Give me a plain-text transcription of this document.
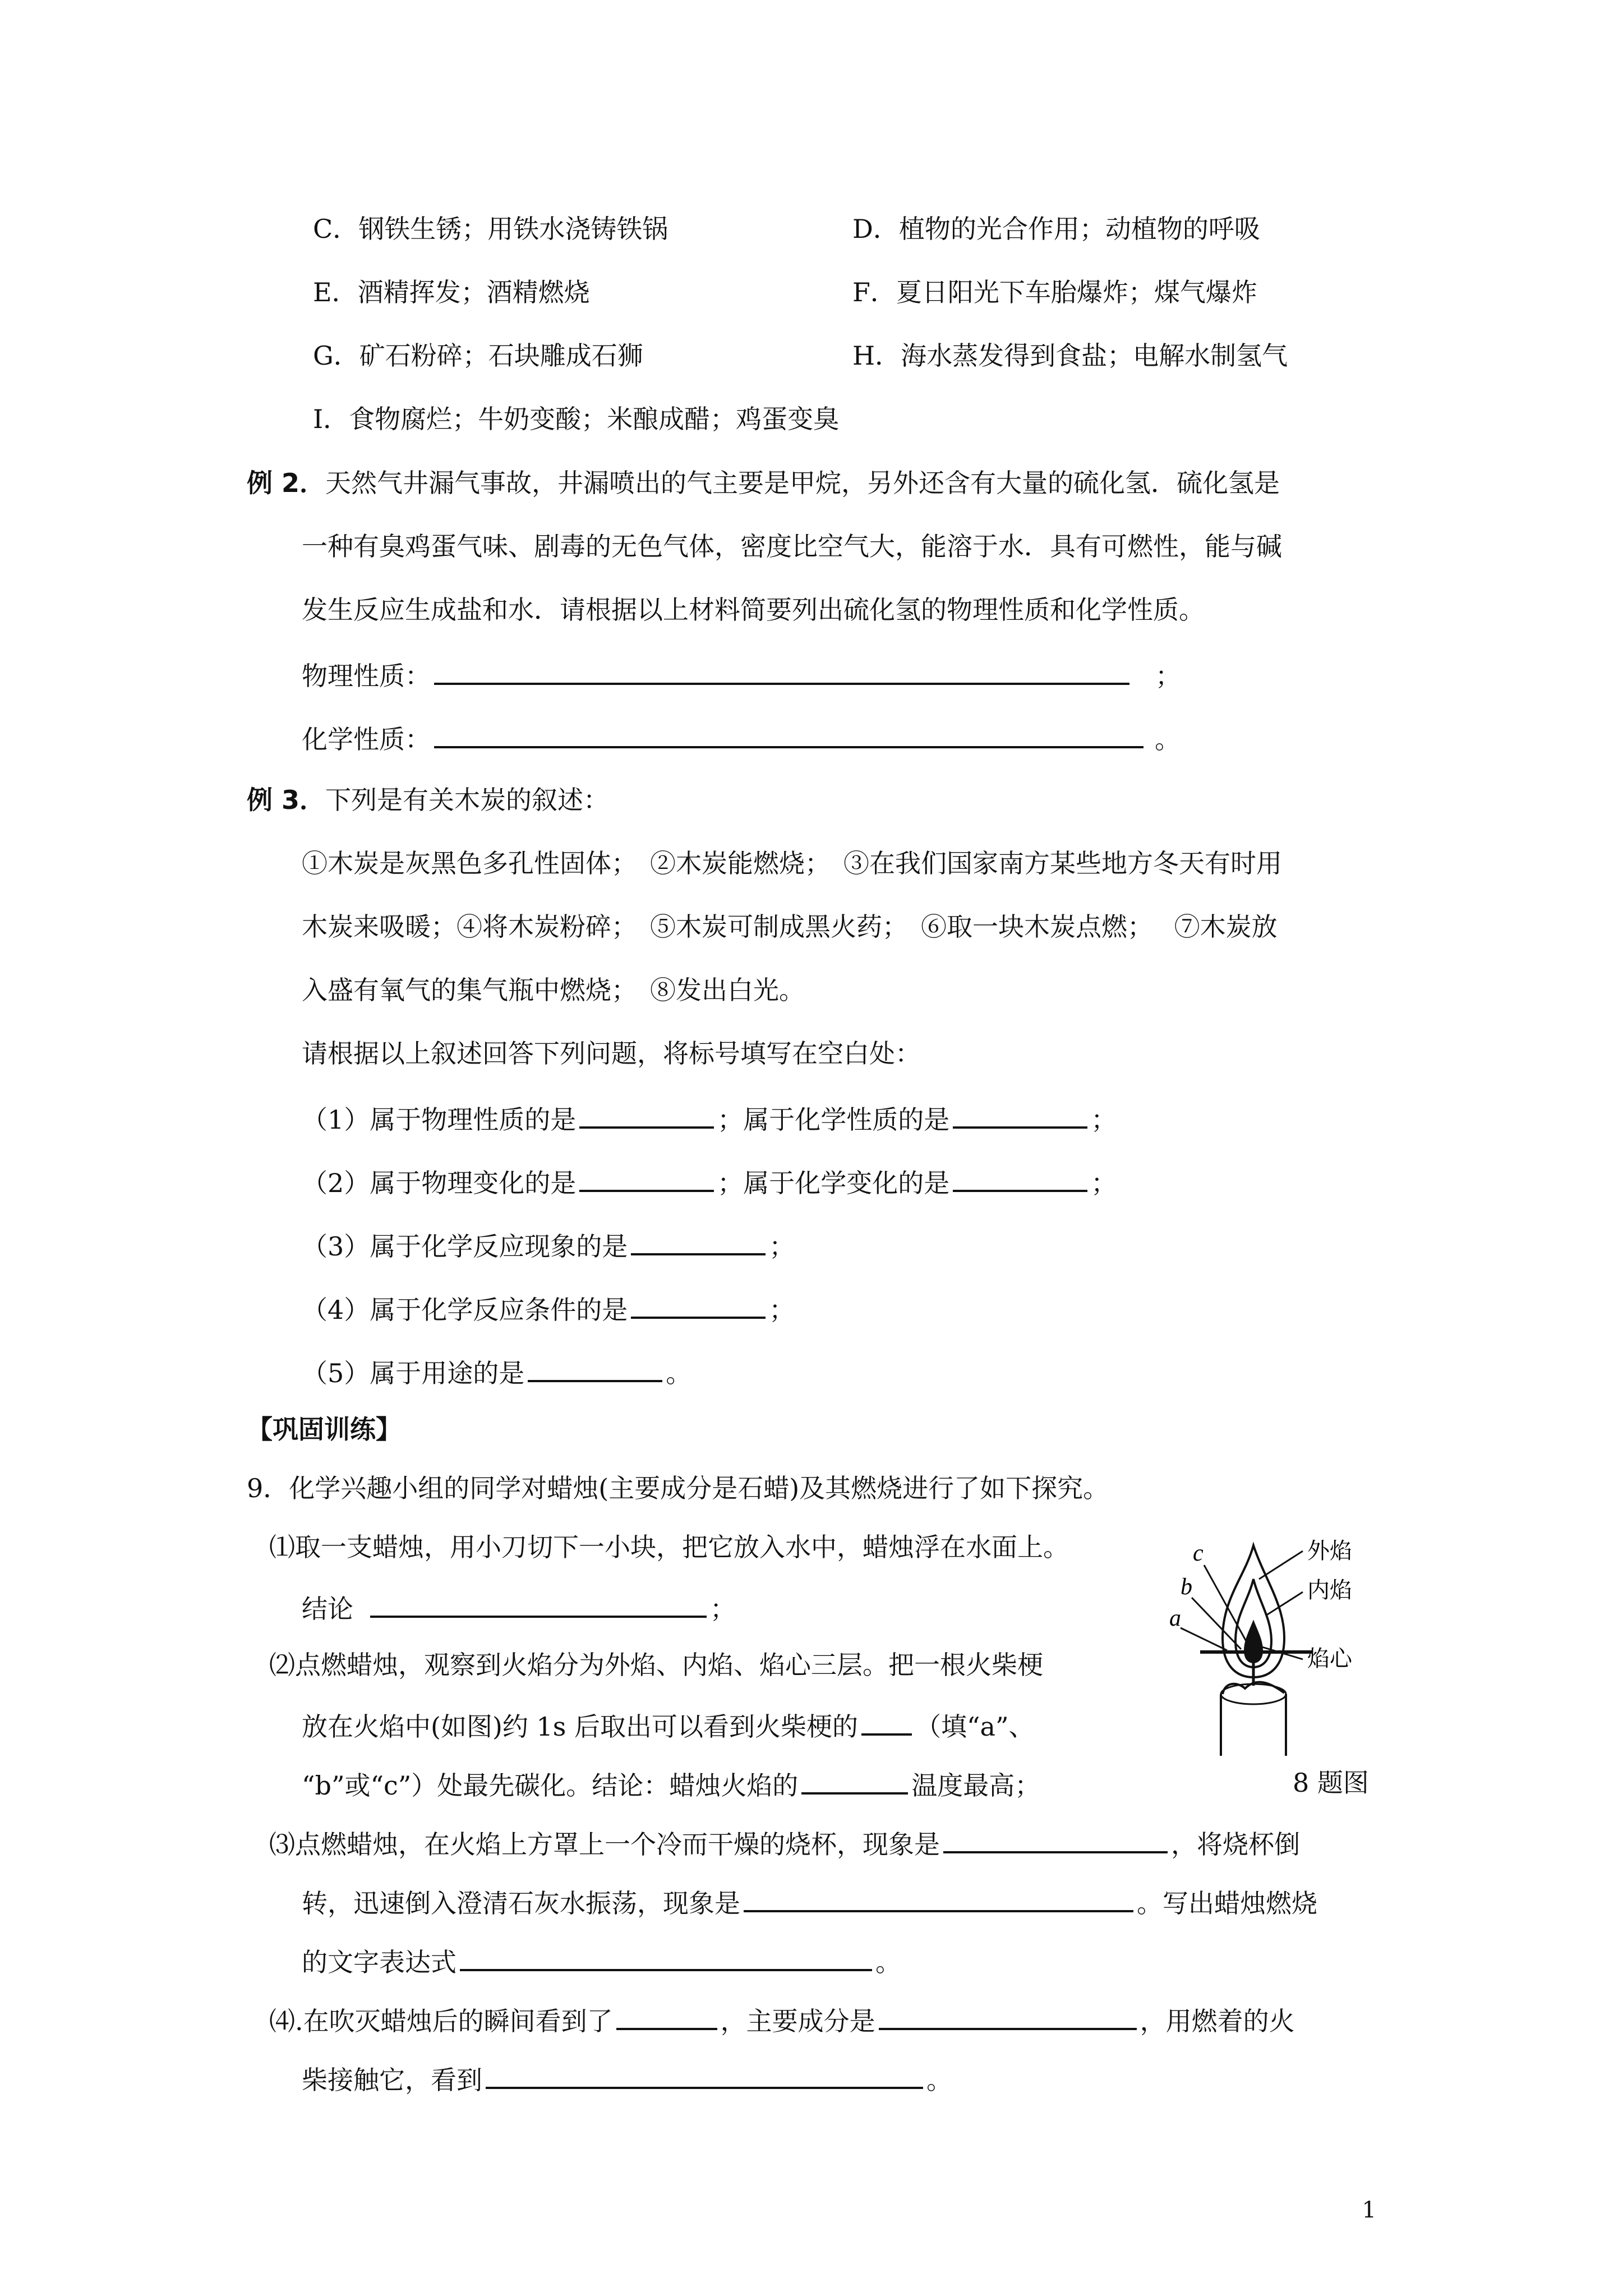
C．钢铁生锈；用铁水浇铸铁锅	D．植物的光合作用；动植物的呼吸
E．酒精挥发；酒精燃烧	F．夏日阳光下车胎爆炸；煤气爆炸
G．矿石粉碎；石块雕成石狮	H．海水蒸发得到食盐；电解水制氢气
I．食物腐烂；牛奶变酸；米酿成醋；鸡蛋变臭
例 2．天然气井漏气事故，井漏喷出的气主要是甲烷，另外还含有大量的硫化氢．硫化氢是
一种有臭鸡蛋气味、剧毒的无色气体，密度比空气大，能溶于水．具有可燃性，能与碱
发生反应生成盐和水．请根据以上材料简要列出硫化氢的物理性质和化学性质。
物理性质：	；
化学性质：	。
例 3．下列是有关木炭的叙述：
①木炭是灰黑色多孔性固体；　②木炭能燃烧；　③在我们国家南方某些地方冬天有时用
木炭来吸暖；④将木炭粉碎；　⑤木炭可制成黑火药；　⑥取一块木炭点燃；　 ⑦木炭放
入盛有氧气的集气瓶中燃烧；　⑧发出白光。
请根据以上叙述回答下列问题，将标号填写在空白处：
（1）属于物理性质的是	；属于化学性质的是	；
（2）属于物理变化的是	；属于化学变化的是	；
（3）属于化学反应现象的是	；
（4）属于化学反应条件的是	；
（5）属于用途的是	。
【巩固训练】
9．化学兴趣小组的同学对蜡烛(主要成分是石蜡)及其燃烧进行了如下探究。
⑴取一支蜡烛，用小刀切下一小块，把它放入水中，蜡烛浮在水面上。
结论	；
⑵点燃蜡烛，观察到火焰分为外焰、内焰、焰心三层。把一根火柴梗
放在火焰中(如图)约 1s 后取出可以看到火柴梗的 （填“a”、
“b”或“c”）处最先碳化。结论：蜡烛火焰的	温度最高；	8 题图
⑶点燃蜡烛，在火焰上方罩上一个冷而干燥的烧杯，现象是	，将烧杯倒
转，迅速倒入澄清石灰水振荡，现象是	。写出蜡烛燃烧
的文字表达式	。
⑷.在吹灭蜡烛后的瞬间看到了	，主要成分是	，用燃着的火
柴接触它，看到	。
c
b
a
外焰
内焰
焰心
1
